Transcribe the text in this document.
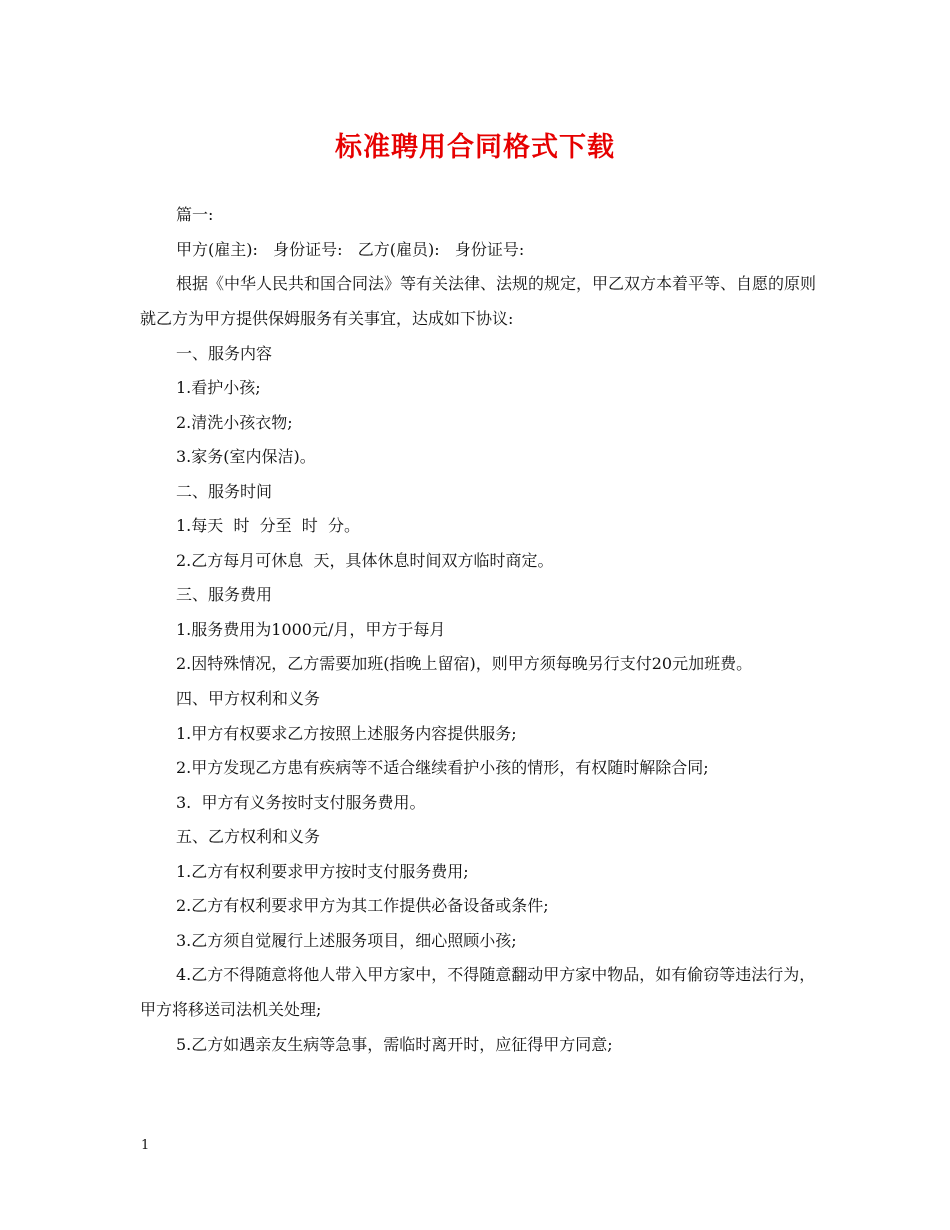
标准聘用合同格式下载
篇一:
甲方(雇主):   身份证号:   乙方(雇员):   身份证号:
根据《中华人民共和国合同法》等有关法律、法规的规定，甲乙双方本着平等、自愿的原则就乙方为甲方提供保姆服务有关事宜，达成如下协议:
一、服务内容
1.看护小孩;
2.清洗小孩衣物;
3.家务(室内保洁)。
二、服务时间
1.每天  时  分至  时  分。
2.乙方每月可休息  天，具体休息时间双方临时商定。
三、服务费用
1.服务费用为1000元/月，甲方于每月
2.因特殊情况，乙方需要加班(指晚上留宿)，则甲方须每晚另行支付20元加班费。
四、甲方权利和义务
1.甲方有权要求乙方按照上述服务内容提供服务;
2.甲方发现乙方患有疾病等不适合继续看护小孩的情形，有权随时解除合同;
3.  甲方有义务按时支付服务费用。
五、乙方权利和义务
1.乙方有权利要求甲方按时支付服务费用;
2.乙方有权利要求甲方为其工作提供必备设备或条件;
3.乙方须自觉履行上述服务项目，细心照顾小孩;
4.乙方不得随意将他人带入甲方家中，不得随意翻动甲方家中物品，如有偷窃等违法行为，甲方将移送司法机关处理;
5.乙方如遇亲友生病等急事，需临时离开时，应征得甲方同意;
1
